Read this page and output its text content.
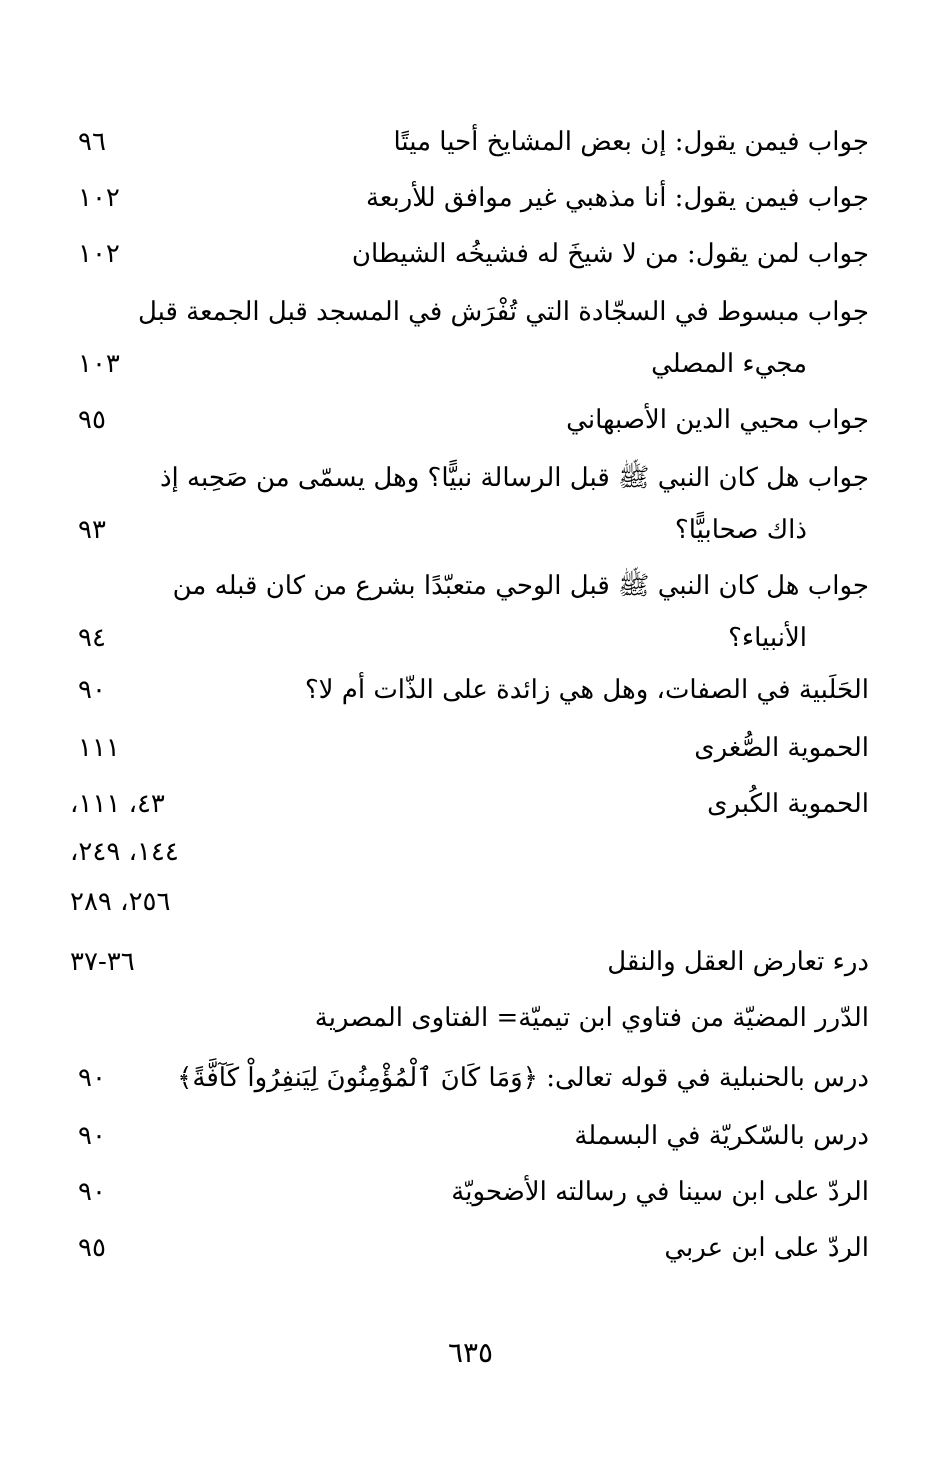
جواب فيمن يقول: إن بعض المشايخ أحيا ميتًا
٩٦
جواب فيمن يقول: أنا مذهبي غير موافق للأربعة
١٠٢
جواب لمن يقول: من لا شيخَ له فشيخُه الشيطان
١٠٢
جواب مبسوط في السجّادة التي تُفْرَش في المسجد قبل الجمعة قبل
مجيء المصلي
١٠٣
جواب محيي الدين الأصبهاني
٩٥
جواب هل كان النبي ﷺ قبل الرسالة نبيًّا؟ وهل يسمّى من صَحِبه إذ
ذاك صحابيًّا؟
٩٣
جواب هل كان النبي ﷺ قبل الوحي متعبّدًا بشرع من كان قبله من
الأنبياء؟
٩٤
الحَلَبية في الصفات، وهل هي زائدة على الذّات أم لا؟
٩٠
الحموية الصُّغرى
١١١
الحموية الكُبرى
٤٣، ١١١،
١٤٤، ٢٤٩،
٢٥٦، ٢٨٩
درء تعارض العقل والنقل
٣٦-٣٧
الدّرر المضيّة من فتاوي ابن تيميّة= الفتاوى المصرية
درس بالحنبلية في قوله تعالى: ﴿وَمَا كَانَ ٱلْمُؤْمِنُونَ لِيَنفِرُواْ كَآفَّةً﴾
٩٠
درس بالسّكريّة في البسملة
٩٠
الردّ على ابن سينا في رسالته الأضحويّة
٩٠
الردّ على ابن عربي
٩٥
٦٣٥
